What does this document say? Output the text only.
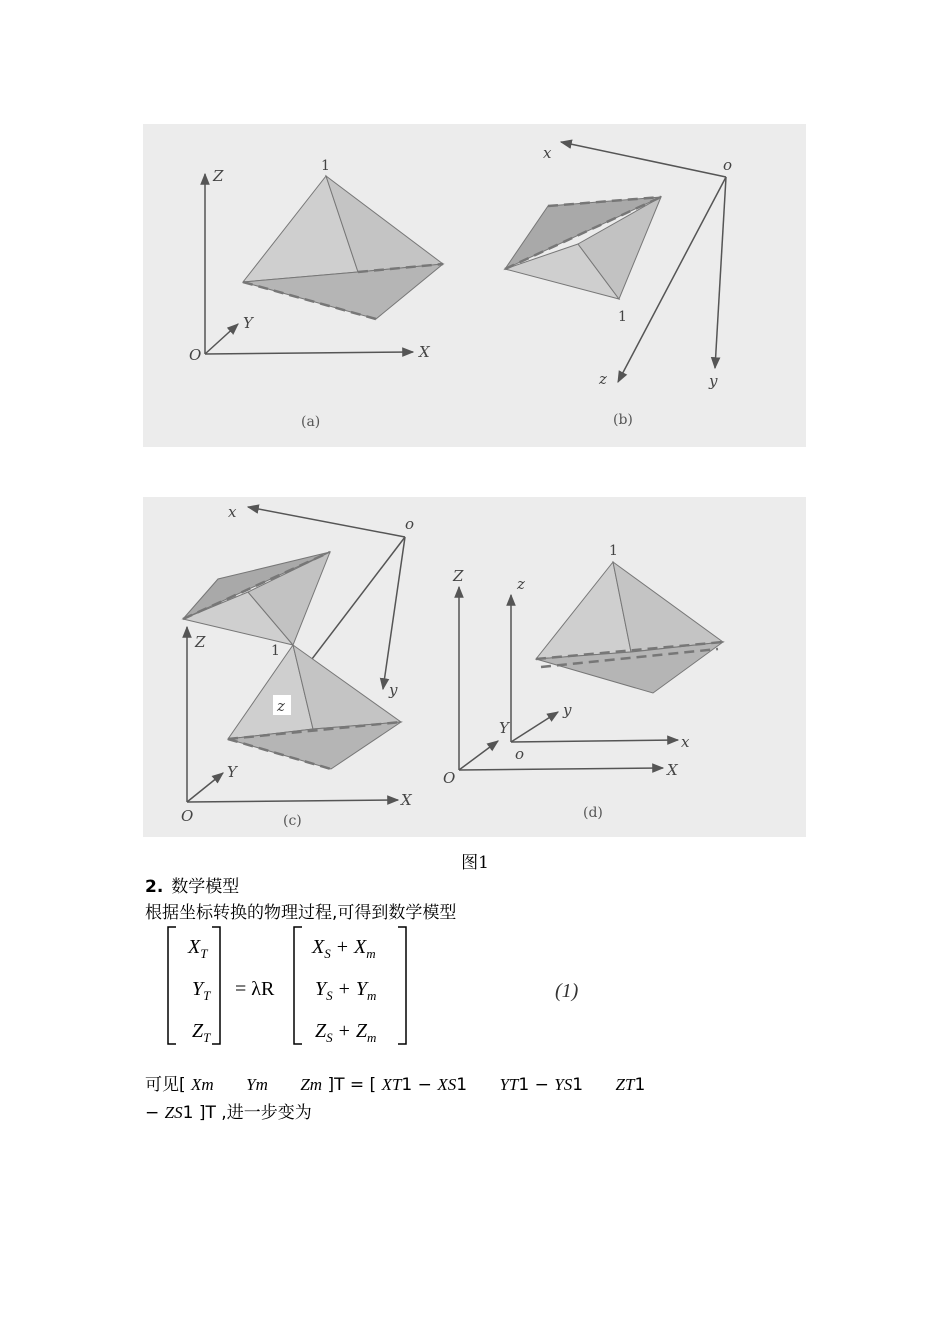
Z
Y
X
O
1
(a)
x
y
z
o
1
(b)
x
y
z
o
Z
Y
X
O
1
(c)
Z
Y
X
O
z
y
x
o
1
(d)
图1
2. 数学模型
根据坐标转换的物理过程,可得到数学模型
$X_T$
$Y_T$
$Z_T$
= λR
$X_S + X_m$
$Y_S + Y_m$
$Z_S + Z_m$
(1)
可见[ Xm Ym Zm ]T = [ XT1 − XS1 YT1 − YS1 ZT1
− ZS1 ]T ,进一步变为
